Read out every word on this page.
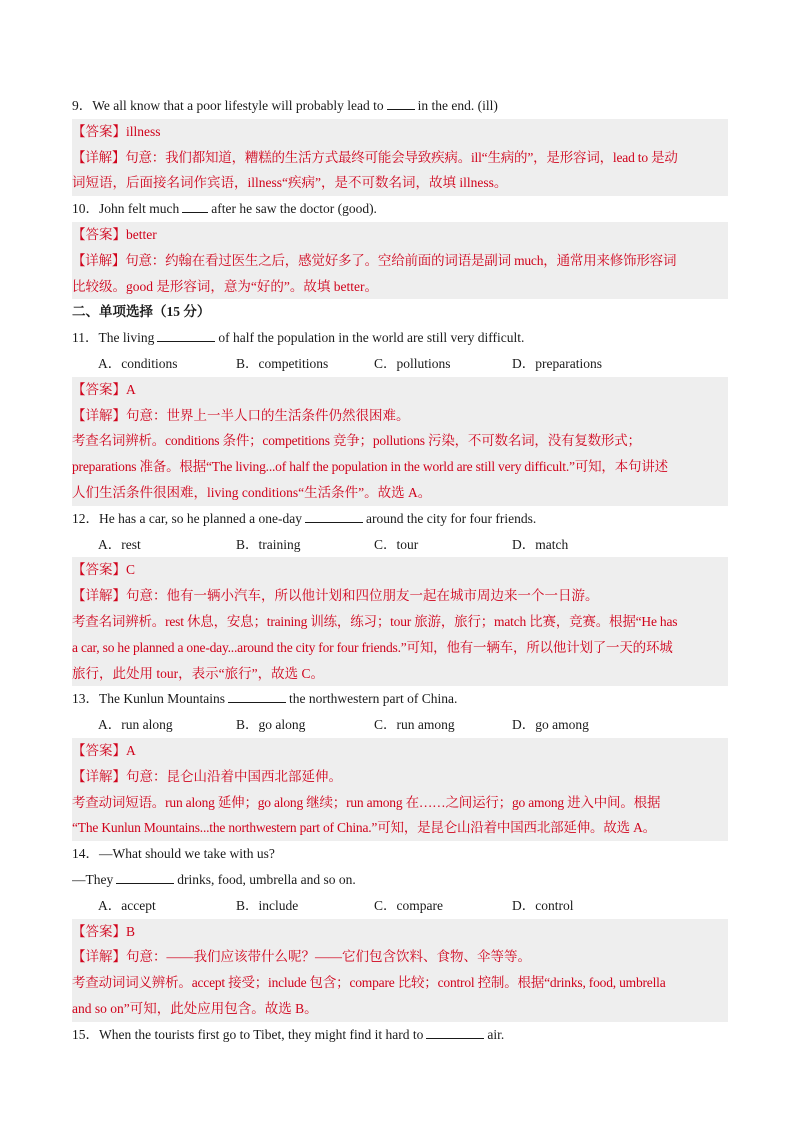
9．We all know that a poor lifestyle will probably lead to	in the end. (ill)
【答案】illness
【详解】句意：我们都知道，糟糕的生活方式最终可能会导致疾病。ill“生病的”，是形容词，lead to 是动
词短语，后面接名词作宾语，illness“疾病”，是不可数名词，故填 illness。
10．John felt much after he saw the doctor (good).
【答案】better
【详解】句意：约翰在看过医生之后，感觉好多了。空给前面的词语是副词 much，通常用来修饰形容词
比较级。good 是形容词，意为“好的”。故填 better。
二、单项选择（15 分）
11．The living	of half the population in the world are still very difficult.
A．conditions	B．competitions	C．pollutions	D．preparations
【答案】A
【详解】句意：世界上一半人口的生活条件仍然很困难。
考查名词辨析。conditions 条件；competitions 竞争；pollutions 污染，不可数名词，没有复数形式；
preparations 准备。根据“The living...of half the population in the world are still very difficult.”可知，本句讲述
人们生活条件很困难，living conditions“生活条件”。故选 A。
12．He has a car, so he planned a one-day	around the city for four friends.
A．rest	B．training	C．tour	D．match
【答案】C
【详解】句意：他有一辆小汽车，所以他计划和四位朋友一起在城市周边来一个一日游。
考查名词辨析。rest 休息，安息；training 训练，练习；tour 旅游，旅行；match 比赛，竞赛。根据“He has
a car, so he planned a one-day...around the city for four friends.”可知，他有一辆车，所以他计划了一天的环城
旅行，此处用 tour，表示“旅行”，故选 C。
13．The Kunlun Mountains	the northwestern part of China.
A．run along	B．go along	C．run among	D．go among
【答案】A
【详解】句意：昆仑山沿着中国西北部延伸。
考查动词短语。run along 延伸；go along 继续；run among 在……之间运行；go among 进入中间。根据
“The Kunlun Mountains...the northwestern part of China.”可知，是昆仑山沿着中国西北部延伸。故选 A。
14．—What should we take with us?
—They	drinks, food, umbrella and so on.
A．accept	B．include	C．compare	D．control
【答案】B
【详解】句意：——我们应该带什么呢？——它们包含饮料、食物、伞等等。
考查动词词义辨析。accept 接受；include 包含；compare 比较；control 控制。根据“drinks, food, umbrella
and so on”可知，此处应用包含。故选 B。
15．When the tourists first go to Tibet, they might find it hard to	air.
